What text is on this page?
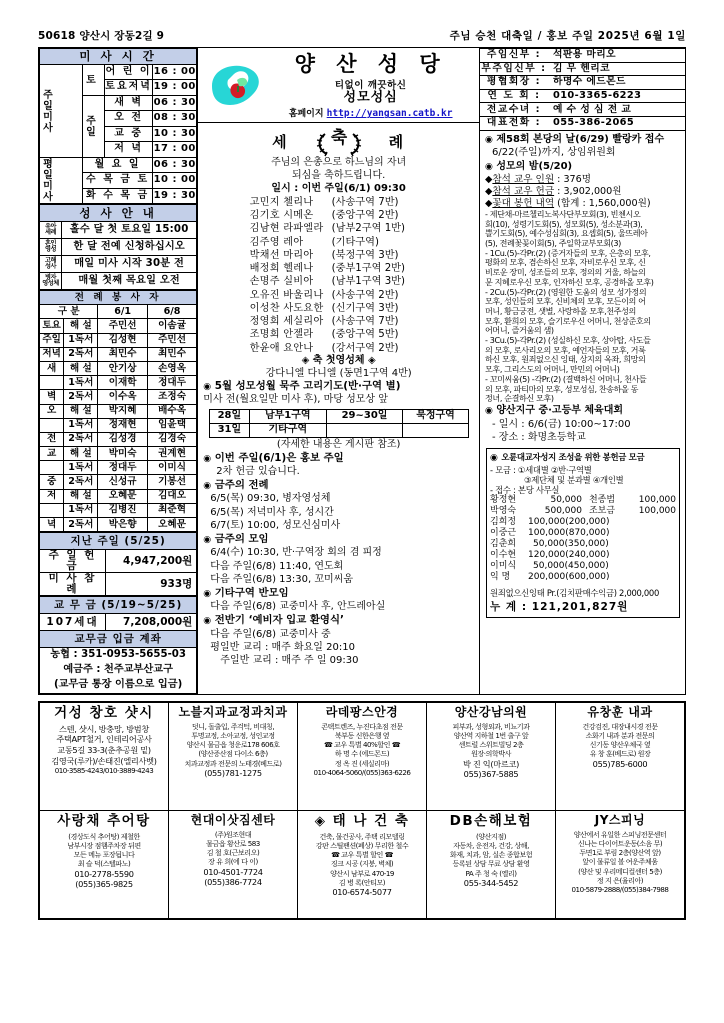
50618 양산시 장동2길 9	주님 승천 대축일 / 홍보 주일 2025년 6월 1일
미 사 시 간			

주일미사	토	어 린 이	16 : 00
		토요저녁	19 : 00

	주일	새 벽	06 : 30
		오 전	08 : 30
		교 중	10 : 30
		저 녁	17 : 00

평일미사	월 요 일		06 : 30
	수 목 금 토		10 : 00
	화 수 목 금		19 : 30
성 사 안 내	

유아
세례	홀수 달 첫 토요일 15:00

혼인
영성	한 달 전예 신청하십시오

고해
성사	매일 미사 시작 30분 전

병자
영성체	매월 첫째 목요일 오전
전 례 봉 사 자			
구 분		6/1	6/8
토요	해 설	주민선	이솜귤
주일	1독서	김성현	주민선
저녁	2독서	최민수	최민수
새	해 설	안기상	손영옥
	1독서	이재학	정대두
벽	2독서	이수옥	조정숙
오	해 설	박지혜	배수옥
	1독서	정재현	임윤택
전	2독서	김성경	김경숙
교	해 설	박미숙	권계현
	1독서	정대두	이미식
중	2독서	신성규	기봉선
저	해 설	오혜문	김대오
	1독서	김병진	최준혁
녁	2독서	박은향	오혜문
지난 주일 (5/25)	
주 일 헌 금	4,947,200원
미 사 참 례	933명
교 무 금 (5/19~5/25)
107세대	7,208,000원
교무금 입금 계좌
농협 : 351-0953-5655-03
예금주 : 천주교부산교구
(교무금 통장 이름으로 입금)
양 산 성 당
티없이 깨끗하신
성모성심
홈페이지 http://yangsan.catb.kr
세 축	례
주님의 은총으로 하느님의 자녀
되심을 축하드립니다.
일시 : 이번 주일(6/1) 09:30
고민지 첼리나	(사송구역 7반)
김기호 시메온	(중앙구역 2반)
김남현 라파엘라 (남부2구역 1반)
김주영 레아	(기타구역)
박채선 마리아	(북정구역 3반)
배정희 헬레나	(중부1구역 2반)
손명주 실비아	(남부1구역 3반)
오유진 바울리나 (사송구역 2반)
이성찬 사도요한 (신기구역 3반)
정영희 세실리아 (사송구역 7반)
조명희 안젤라	(중앙구역 5반)
한윤애 요안나	(강서구역 2반)
◈ 축 첫영성체 ◈
강다니엘 다니엘 (동면1구역 4반)
◉ 5월 성모성월 묵주 고리기도(반·구역 별)
미사 전(월요일만 미사 후), 마당 성모상 앞
28일	남부1구역	29~30일	북정구역
31일	기타구역		
(자세한 내용은 게시판 참조)
◉ 이번 주일(6/1)은 홍보 주일
2차 헌금 있습니다.
◉ 금주의 전례
6/5(목) 09:30, 병자영성체
6/5(목) 저녁미사 후, 성시간
6/7(토) 10:00, 성모신심미사
◉ 금주의 모임
6/4(수) 10:30, 반·구역장 회의 겸 피정
다음 주일(6/8) 11:40, 연도회
다음 주일(6/8) 13:30, 꼬미씨움
◉ 기타구역 반모임
다음 주일(6/8) 교중미사 후, 안드레아실
◉ 전반기 ‘예비자 입교 환영식’
다음 주일(6/8) 교중미사 중
평일반 교리 : 매주 화요일 20:10
주일반 교리 : 매주 주 일 09:30
주임신부 :	석판용 마리오
부주임신부 :	김 무 헨리코
평협회장 :	하명수 에드몬드
연 도 회 :	010-3365-6223
전교수녀 :	예 수 성 심 전 교
대표전화 :	055-386-2065
◉ 제58회 본당의 날(6/29) 빨랑카 접수
6/22(주일)까지, 상임위원회
◉ 성모의 밤(5/20)
◆참석 교우 인원 : 376명
◆참석 교우 헌금 : 3,902,000원
◆꽃대 봉헌 내역 (합계 : 1,560,000원)
- 제단채-마르첼리노복사단부모회(3), 빈첸시오
회(10), 성령기도회(5), 성모회(5), 성소분과(3),
쁠기도회(5), 예수성심회(3), 요셉회(5), 울뜨레아
(5), 전례꽃꽂이회(5), 주일학교부모회(3)
- 1Cu.(5)-각Pr.(2) (증거자들의 모후, 은총의 모후,
평화의 모후, 겸손하신 모후, 자비로우신 모후, 신
비로운 장미, 성조들의 모후, 정의의 거울, 하늘의
문 지혜로우신 모후, 인자하신 모후, 공경하올 모후)
- 2Cu.(5)-각Pr.(2) (영원한 도움의 성모 성가정의
모후, 성인들의 모후, 신비체의 모후, 모든이의 어
머니, 황금궁전, 샛별, 사랑하올 모후,천주성의
모후, 환희의 모후, 슬기로우신 어머니, 천상준호의
어머니, 즐거움의 샘)
- 3Cu.(5)-각Pr.(2) (성실하신 모후, 상아탑, 사도들
의 모후, 로사리오의 모후, 예언자들의 모후, 거룩
하신 모후, 원죄없으신 잉태, 상지의 옥좌, 희망의
모후, 그리스도의 어머니, 만민의 어머니)
- 꼬미씨움(5) -각Pr.(2) (결백하신 어머니, 천사들
의 모후, 파티마의 모후, 성모성심, 찬송하올 동
정녀, 순결하신 모후)
◉ 양산지구 중·고등부 체육대회
- 일시 : 6/6(금) 10:00~17:00
- 장소 : 화명초등학교
◉ 오륜대교자성지 조성을 위한 봉헌금 모금
- 모금 : ①세대별 ②반·구역별
③제단체 및 분과별 ④개인별
- 접수 : 본당 사무실
황정현	50,000 천종범	100,000
박영숙	500,000 조보금	100,000
김희정	100,000(200,000)
이중근	100,000(870,000)
김춘희	50,000(350,000)
이수현	120,000(240,000)
이미식	50,000(450,000)
익 명	200,000(600,000)
원죄없으신잉태 Pr.(김치판매수익금) 2,000,000
누 계 : 121,201,827원
거성 창호 샷시
스텐, 샷시, 방충망, 방범창
주택APT철거, 인테리어공사
교동5길 33-3(춘추공원 밑)
김영국(루카)/손태진(엘리사벳)
010-3585-4243/010-3889-4243

노블지과교정과치과
덧니, 돌출입, 주걱턱, 비대칭,
투명교정, 소아교정, 성인교정
양산시 물금읍 청운로178 606호
(양산증산점 다이소 6층)
치과교정과 전문의 노태경(베드로)
(055)781-1275

라데팡스안경
콘택트렌즈, 누진다초점 전문
북부동 신한은행 옆
☎ 교우 특별 40%할인 ☎
하 명 수 (에드몬드)
정 옥 진 (세실리마)
010-4064-5060/(055)363-6226

양산강남의원
피부과, 성형외과, 비뇨기과
양산역 지하철 1번 출구 앞
센트럴 스위트빌딩 2층
원장·의학박사
박 진 익(마르코)
055)367-5885

유창훈 내과
건강검진, 대장내시경 전문
소화기 내과 분과 전문의
신기동 양산우체국 옆
유 창 훈(베드로) 원장
055)785-6000

사랑채 추어탕
(경상도식 추어탕) 제철한
남부시장 점햄주차장 뒤편
모든 메뉴 포장됩니다
최 슬 덕(스텔파노)
010-2778-5590
(055)365-9825

현대이삿짐센타
(주)원조현대
물금읍 황산로 583
김 철 호(근보리오)
장 유 희(에 다 이)
010-4501-7724
(055)386-7724

◈ 태 나 건 축
건축, 물건공사, 주택 리모델링
강판 스틸팬션(폐상) 무리한 철수
☎ 교우 특별 할인 ☎
징크 시공 (지붕, 벽체)
양산시 남부로 470-19
김 병 록(안티모)
010-6574-5077

DB손해보험
(양산지점)
자동차, 운전자, 건강, 상해,
화재, 치과, 암, 실손 종합보험
등록된 상담 무료 상담 환영
PA 주 청 숙 (옐리)
055-344-5452

JY스피닝
양산에서 유일한 스피닝전문센터
신나는 다이어트운동(소음 무)
두면1로 부림 2층(양산역 앞)
앞이 물류일 볼 여운주체움
(양산 및 우리메디컬센터 5층)
정 지 은(율리아)
010-5879-2888/(055)384-7988
